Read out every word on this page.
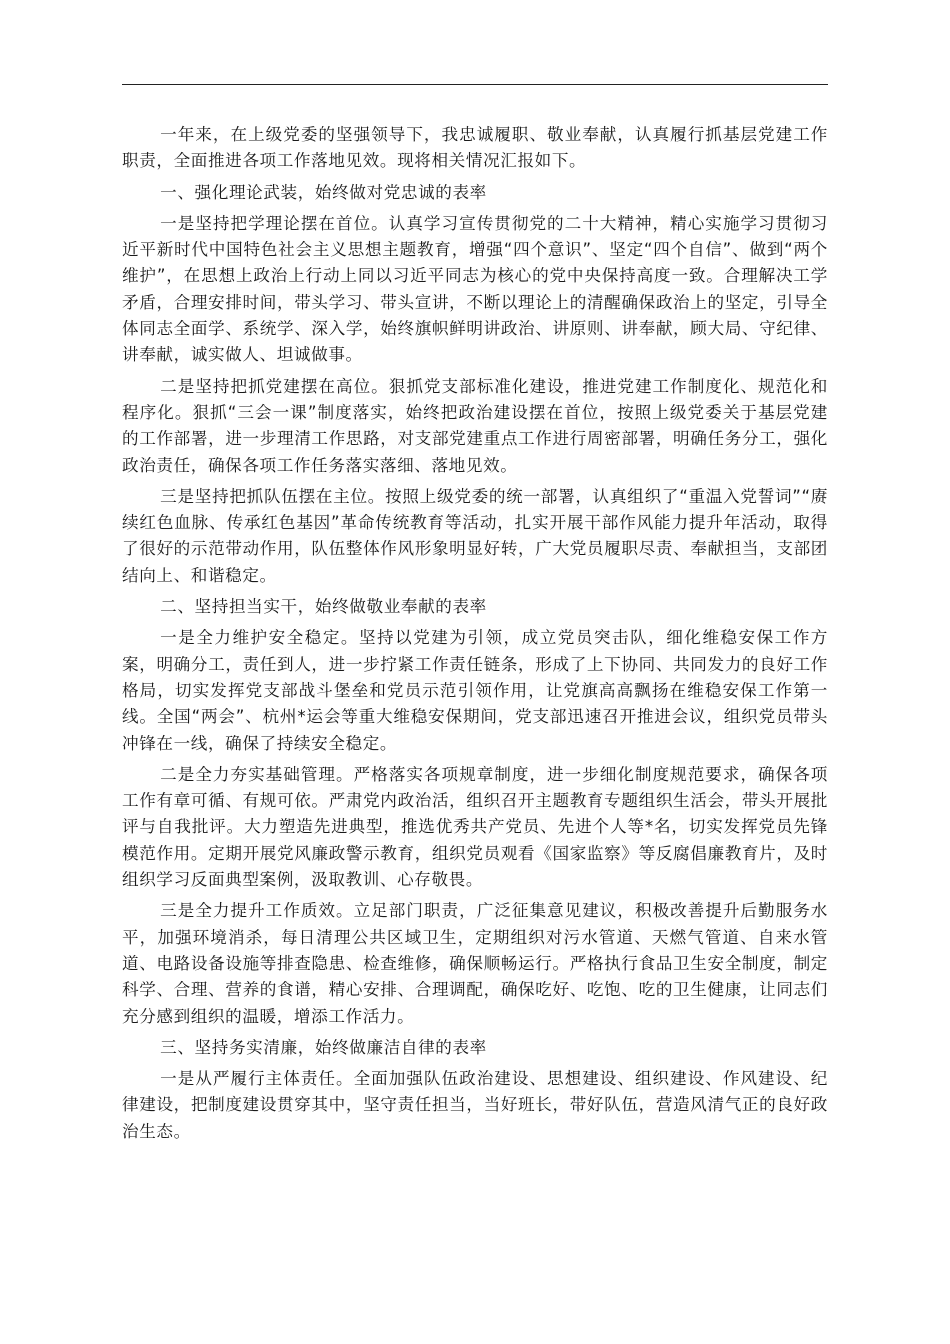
一年来，在上级党委的坚强领导下，我忠诚履职、敬业奉献，认真履行抓基层党建工作职责，全面推进各项工作落地见效。现将相关情况汇报如下。

一、强化理论武装，始终做对党忠诚的表率

一是坚持把学理论摆在首位。认真学习宣传贯彻党的二十大精神，精心实施学习贯彻习近平新时代中国特色社会主义思想主题教育，增强“四个意识”、坚定“四个自信”、做到“两个维护”，在思想上政治上行动上同以习近平同志为核心的党中央保持高度一致。合理解决工学矛盾，合理安排时间，带头学习、带头宣讲，不断以理论上的清醒确保政治上的坚定，引导全体同志全面学、系统学、深入学，始终旗帜鲜明讲政治、讲原则、讲奉献，顾大局、守纪律、讲奉献，诚实做人、坦诚做事。

二是坚持把抓党建摆在高位。狠抓党支部标准化建设，推进党建工作制度化、规范化和程序化。狠抓“三会一课”制度落实，始终把政治建设摆在首位，按照上级党委关于基层党建的工作部署，进一步理清工作思路，对支部党建重点工作进行周密部署，明确任务分工，强化政治责任，确保各项工作任务落实落细、落地见效。

三是坚持把抓队伍摆在主位。按照上级党委的统一部署，认真组织了“重温入党誓词”“赓续红色血脉、传承红色基因”革命传统教育等活动，扎实开展干部作风能力提升年活动，取得了很好的示范带动作用，队伍整体作风形象明显好转，广大党员履职尽责、奉献担当，支部团结向上、和谐稳定。

二、坚持担当实干，始终做敬业奉献的表率

一是全力维护安全稳定。坚持以党建为引领，成立党员突击队，细化维稳安保工作方案，明确分工，责任到人，进一步拧紧工作责任链条，形成了上下协同、共同发力的良好工作格局，切实发挥党支部战斗堡垒和党员示范引领作用，让党旗高高飘扬在维稳安保工作第一线。全国“两会”、杭州*运会等重大维稳安保期间，党支部迅速召开推进会议，组织党员带头冲锋在一线，确保了持续安全稳定。

二是全力夯实基础管理。严格落实各项规章制度，进一步细化制度规范要求，确保各项工作有章可循、有规可依。严肃党内政治活，组织召开主题教育专题组织生活会，带头开展批评与自我批评。大力塑造先进典型，推选优秀共产党员、先进个人等*名，切实发挥党员先锋模范作用。定期开展党风廉政警示教育，组织党员观看《国家监察》等反腐倡廉教育片，及时组织学习反面典型案例，汲取教训、心存敬畏。

三是全力提升工作质效。立足部门职责，广泛征集意见建议，积极改善提升后勤服务水平，加强环境消杀，每日清理公共区域卫生，定期组织对污水管道、天燃气管道、自来水管道、电路设备设施等排查隐患、检查维修，确保顺畅运行。严格执行食品卫生安全制度，制定科学、合理、营养的食谱，精心安排、合理调配，确保吃好、吃饱、吃的卫生健康，让同志们充分感到组织的温暖，增添工作活力。

三、坚持务实清廉，始终做廉洁自律的表率

一是从严履行主体责任。全面加强队伍政治建设、思想建设、组织建设、作风建设、纪律建设，把制度建设贯穿其中，坚守责任担当，当好班长，带好队伍，营造风清气正的良好政治生态。
